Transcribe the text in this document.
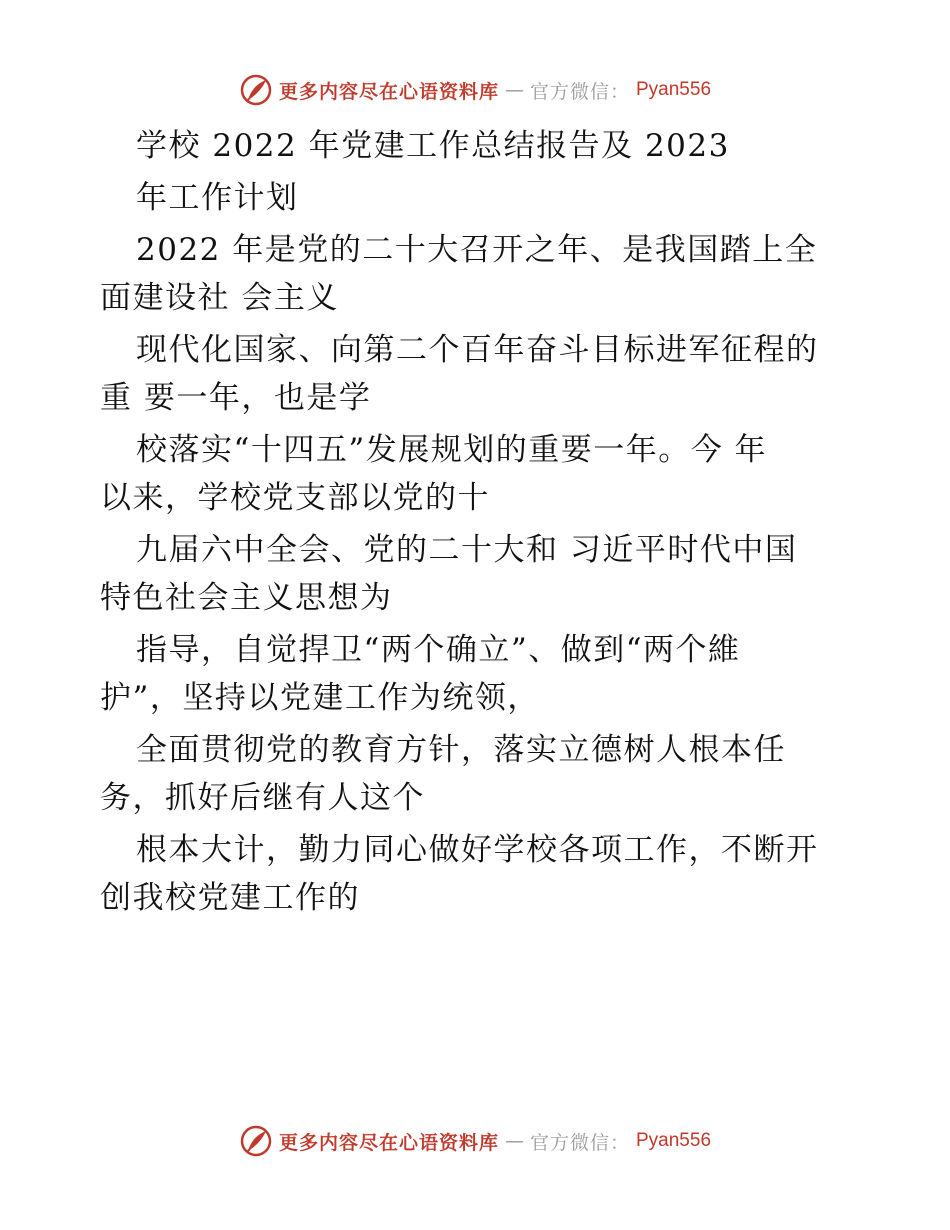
更多内容尽在心语资料库 — 官方微信： Pyan556
学校 2022 年党建工作总结报告及 2023
年工作计划
2022 年是党的二十大召开之年、是我国踏上全
面建设社 会主义
现代化国家、向第二个百年奋斗目标进军征程的
重 要一年，也是学
校落实“十四五”发展规划的重要一年。今 年
以来，学校党支部以党的十
九届六中全会、党的二十大和 习近平时代中国
特色社会主义思想为
指导，自觉捍卫“两个确立”、做到“两个維
护”，坚持以党建工作为统领，
全面贯彻党的教育方针，落实立德树人根本任
务，抓好后继有人这个
根本大计，勤力同心做好学校各项工作，不断开
创我校党建工作的
更多内容尽在心语资料库 — 官方微信： Pyan556
